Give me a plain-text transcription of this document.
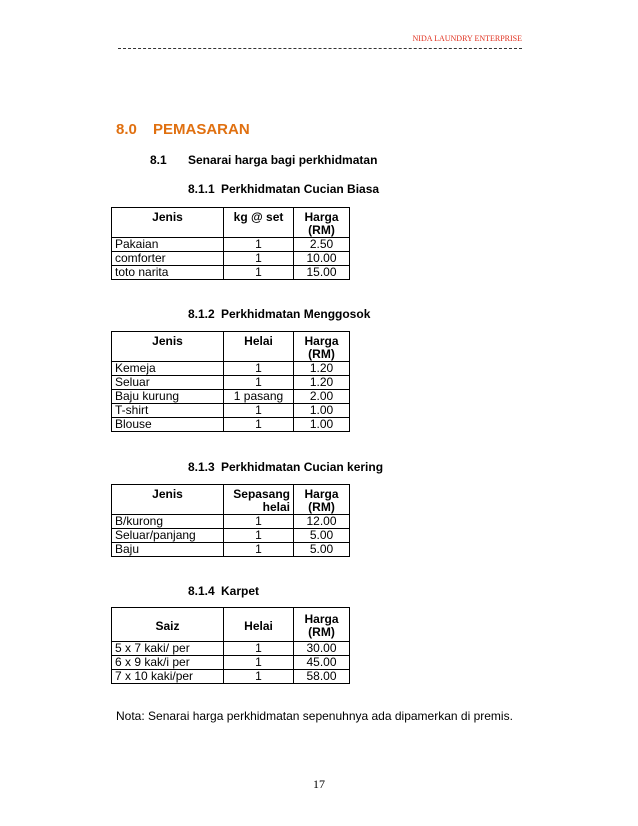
NIDA LAUNDRY ENTERPRISE
8.0 PEMASARAN
8.1 Senarai harga bagi perkhidmatan
8.1.1 Perkhidmatan Cucian Biasa
Jenis	kg @ set	Harga (RM)
Pakaian	1	2.50
comforter	1	10.00
toto narita	1	15.00
8.1.2 Perkhidmatan Menggosok
Jenis	Helai	Harga (RM)
Kemeja	1	1.20
Seluar	1	1.20
Baju kurung	1 pasang	2.00
T-shirt	1	1.00
Blouse	1	1.00
8.1.3 Perkhidmatan Cucian kering
Jenis	Sepasang helai	Harga (RM)
B/kurong	1	12.00
Seluar/panjang	1	5.00
Baju	1	5.00
8.1.4 Karpet
Saiz	Helai	Harga (RM)
5 x 7 kaki/ per	1	30.00
6 x 9 kak/i per	1	45.00
7 x 10 kaki/per	1	58.00
Nota: Senarai harga perkhidmatan sepenuhnya ada dipamerkan di premis.
17
